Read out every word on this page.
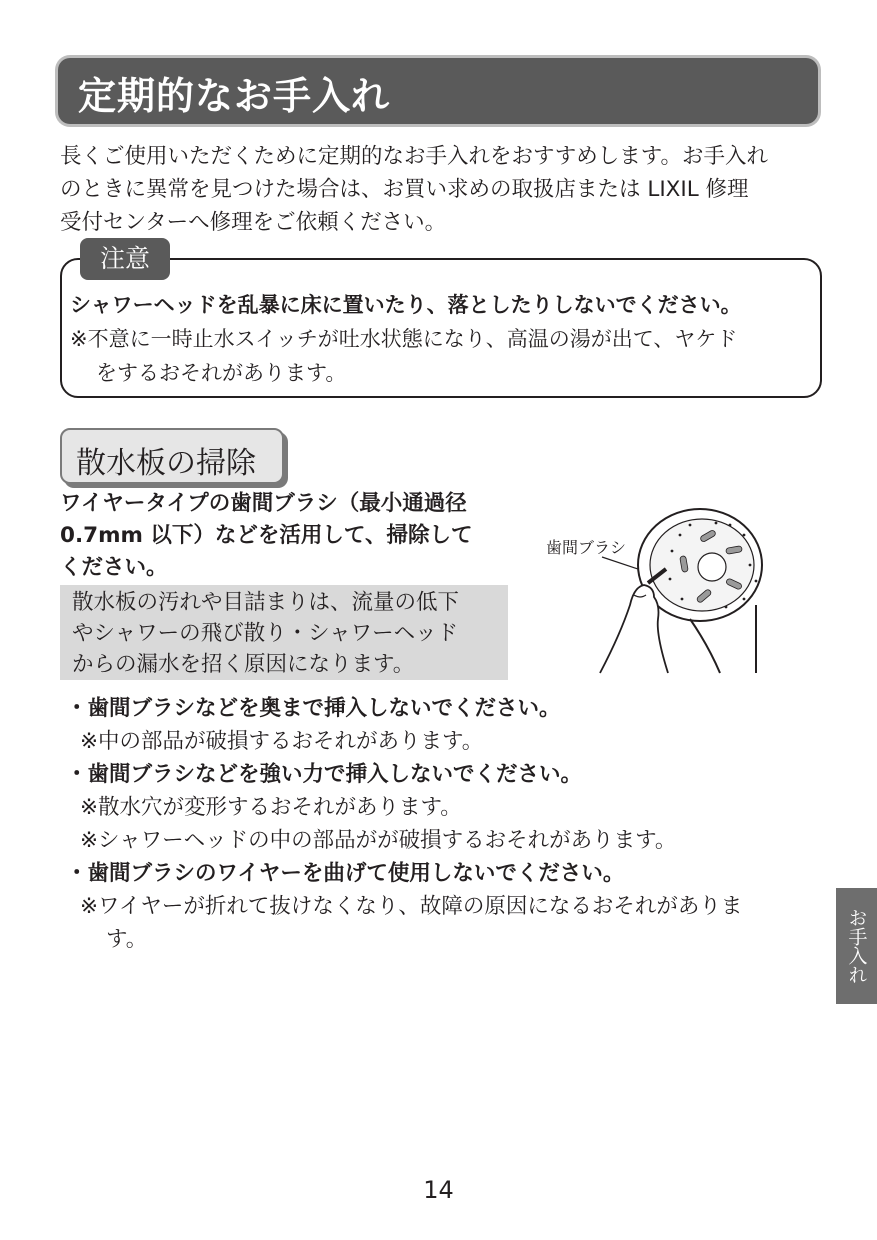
定期的なお手入れ

長くご使用いただくために定期的なお手入れをおすすめします。お手入れ

のときに異常を見つけた場合は、お買い求めの取扱店または LIXIL 修理

受付センターへ修理をご依頼ください。

注意

シャワーヘッドを乱暴に床に置いたり、落としたりしないでください。

※不意に一時止水スイッチが吐水状態になり、高温の湯が出て、ヤケド

をするおそれがあります。

散水板の掃除

ワイヤータイプの歯間ブラシ（最小通過径

0.7mm 以下）などを活用して、掃除して

ください。

散水板の汚れや目詰まりは、流量の低下

やシャワーの飛び散り・シャワーヘッド

からの漏水を招く原因になります。

歯間ブラシ

・歯間ブラシなどを奥まで挿入しないでください。

※中の部品が破損するおそれがあります。

・歯間ブラシなどを強い力で挿入しないでください。

※散水穴が変形するおそれがあります。

※シャワーヘッドの中の部品がが破損するおそれがあります。

・歯間ブラシのワイヤーを曲げて使用しないでください。

※ワイヤーが折れて抜けなくなり、故障の原因になるおそれがありま

す。	お手入れ
14
